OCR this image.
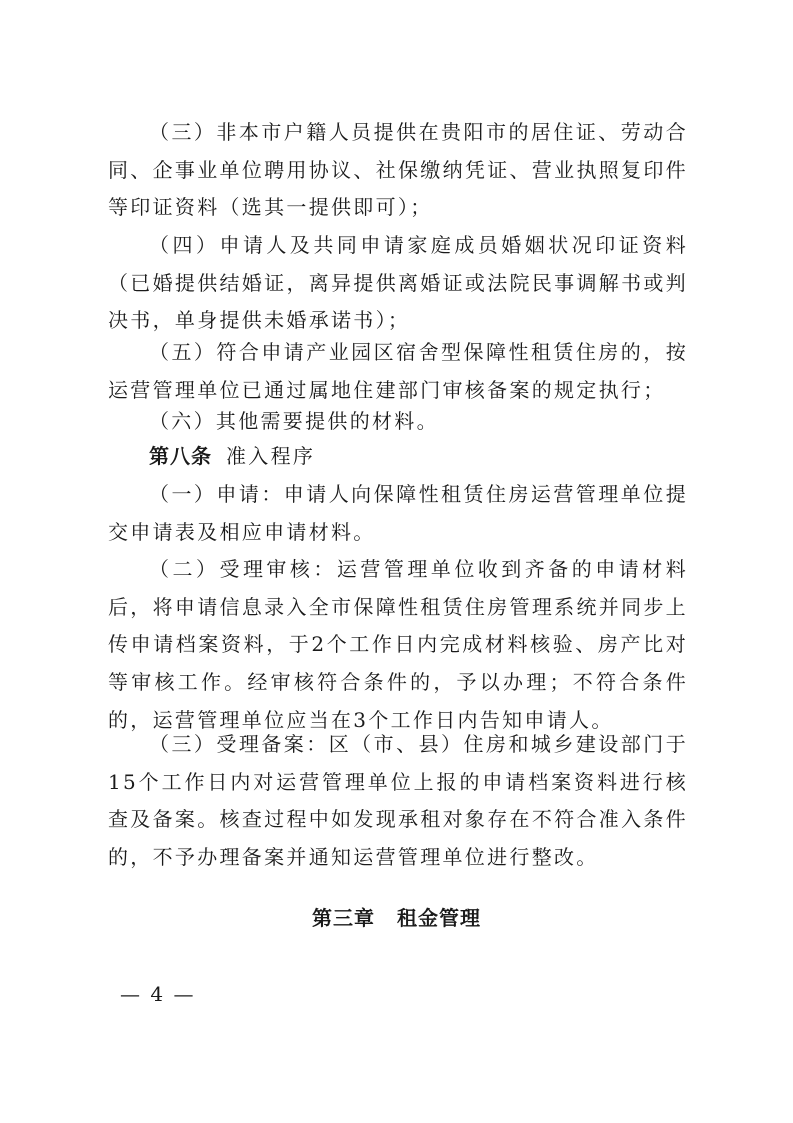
（三）非本市户籍人员提供在贵阳市的居住证、劳动合同、企事业单位聘用协议、社保缴纳凭证、营业执照复印件等印证资料（选其一提供即可）；

（四）申请人及共同申请家庭成员婚姻状况印证资料（已婚提供结婚证，离异提供离婚证或法院民事调解书或判决书，单身提供未婚承诺书）；

（五）符合申请产业园区宿舍型保障性租赁住房的，按运营管理单位已通过属地住建部门审核备案的规定执行；

（六）其他需要提供的材料。

第八条 准入程序

（一）申请：申请人向保障性租赁住房运营管理单位提交申请表及相应申请材料。

（二）受理审核：运营管理单位收到齐备的申请材料后，将申请信息录入全市保障性租赁住房管理系统并同步上传申请档案资料，于2个工作日内完成材料核验、房产比对等审核工作。经审核符合条件的，予以办理；不符合条件的，运营管理单位应当在3个工作日内告知申请人。

（三）受理备案：区（市、县）住房和城乡建设部门于15个工作日内对运营管理单位上报的申请档案资料进行核查及备案。核查过程中如发现承租对象存在不符合准入条件的，不予办理备案并通知运营管理单位进行整改。

第三章 租金管理

— 4 —
